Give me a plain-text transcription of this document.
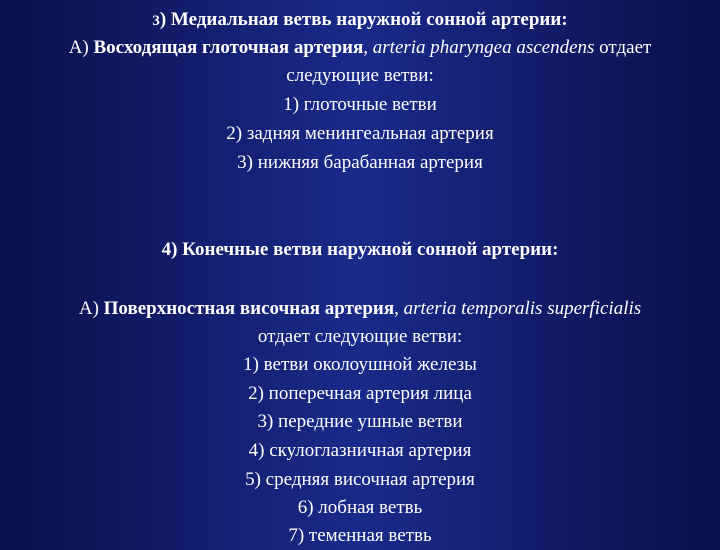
3) Медиальная ветвь наружной сонной артерии:
А) Восходящая глоточная артерия, arteria pharyngea ascendens отдает
следующие ветви:
1) глоточные ветви
2) задняя менингеальная артерия
3) нижняя барабанная артерия
4) Конечные ветви наружной сонной артерии:
А) Поверхностная височная артерия, arteria temporalis superficialis
отдает следующие ветви:
1) ветви околоушной железы
2) поперечная артерия лица
3) передние ушные ветви
4) скулоглазничная артерия
5) средняя височная артерия
6) лобная ветвь
7) теменная ветвь
